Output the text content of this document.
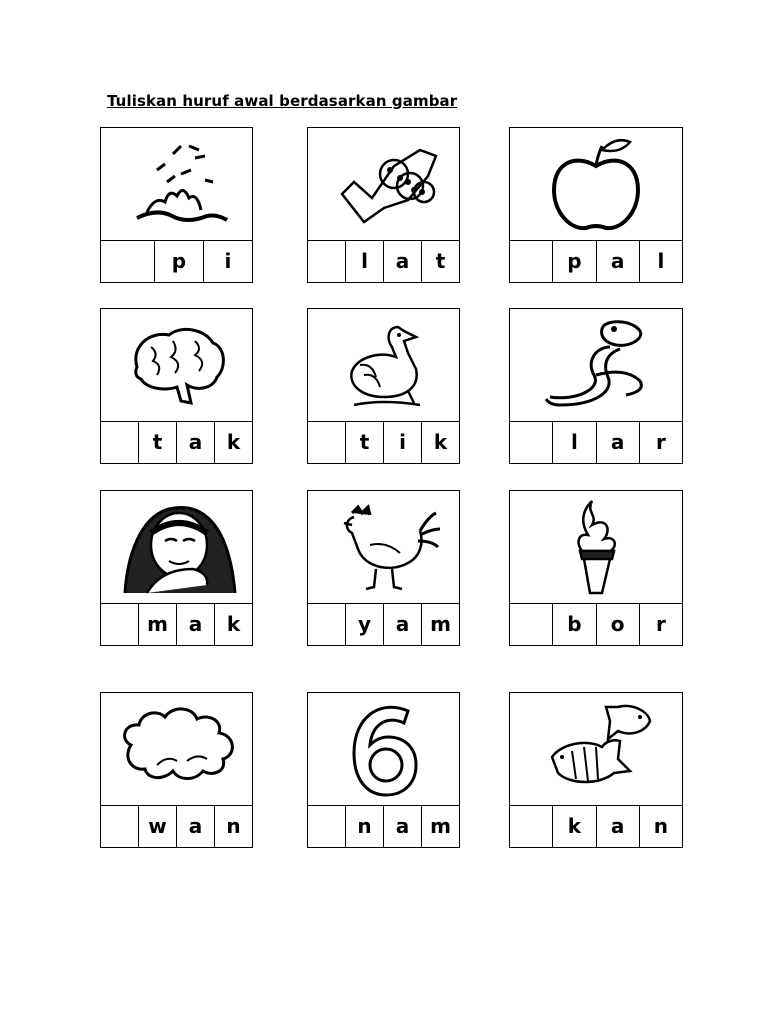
Tuliskan huruf awal berdasarkan gambar
p	i	l	a	t	p	a	l
t	a	k	t	i	k	l	a	r
m	a	k	y	a	m	b	o	r
w	a	n	n	a	m	k	a	n
